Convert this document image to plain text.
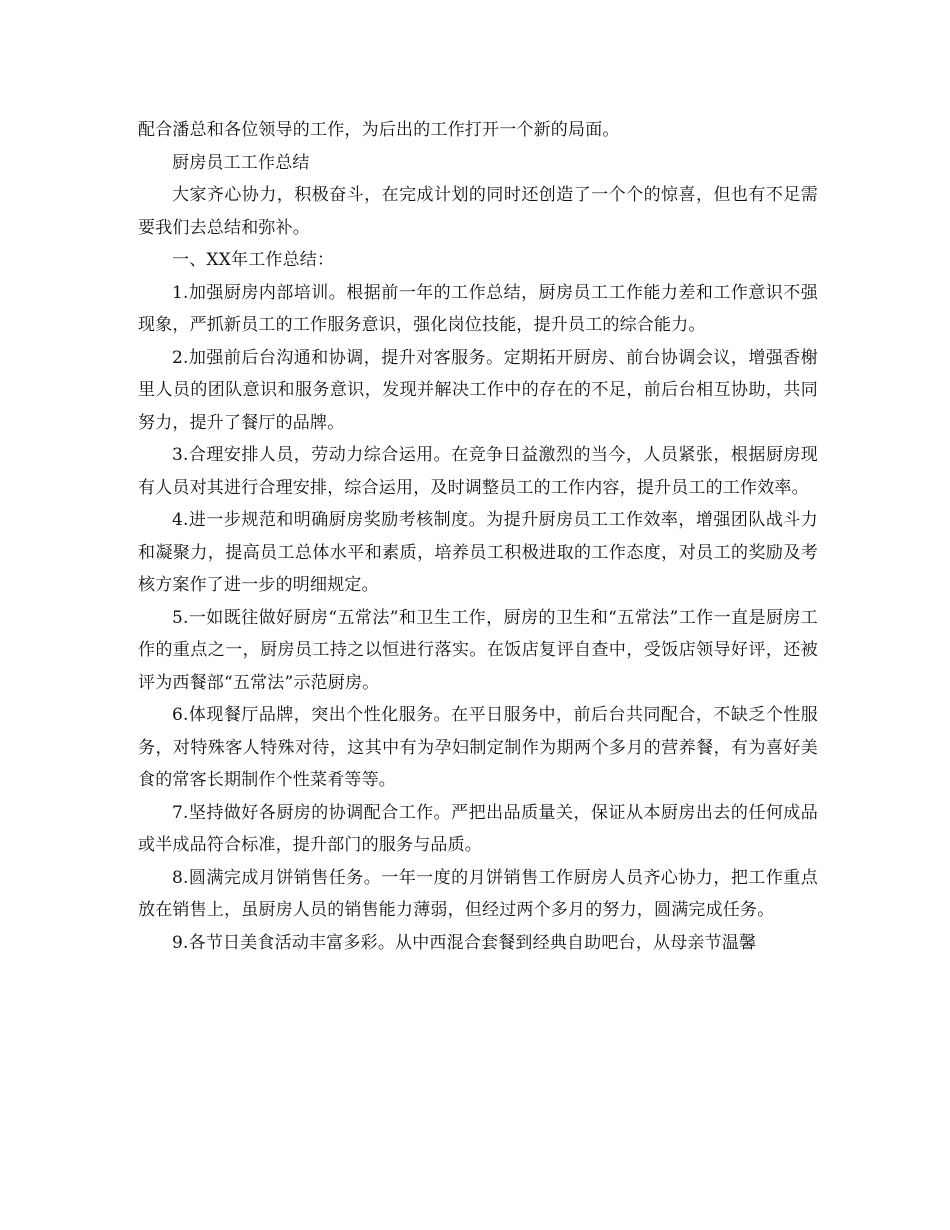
配合潘总和各位领导的工作，为后出的工作打开一个新的局面。

厨房员工工作总结

大家齐心协力，积极奋斗，在完成计划的同时还创造了一个个的惊喜，但也有不足需要我们去总结和弥补。

一、XX年工作总结：

1.加强厨房内部培训。根据前一年的工作总结，厨房员工工作能力差和工作意识不强现象，严抓新员工的工作服务意识，强化岗位技能，提升员工的综合能力。

2.加强前后台沟通和协调，提升对客服务。定期拓开厨房、前台协调会议，增强香榭里人员的团队意识和服务意识，发现并解决工作中的存在的不足，前后台相互协助，共同努力，提升了餐厅的品牌。

3.合理安排人员，劳动力综合运用。在竞争日益激烈的当今，人员紧张，根据厨房现有人员对其进行合理安排，综合运用，及时调整员工的工作内容，提升员工的工作效率。

4.进一步规范和明确厨房奖励考核制度。为提升厨房员工工作效率，增强团队战斗力和凝聚力，提高员工总体水平和素质，培养员工积极进取的工作态度，对员工的奖励及考核方案作了进一步的明细规定。

5.一如既往做好厨房“五常法”和卫生工作，厨房的卫生和“五常法”工作一直是厨房工作的重点之一，厨房员工持之以恒进行落实。在饭店复评自查中，受饭店领导好评，还被评为西餐部“五常法”示范厨房。

6.体现餐厅品牌，突出个性化服务。在平日服务中，前后台共同配合，不缺乏个性服务，对特殊客人特殊对待，这其中有为孕妇制定制作为期两个多月的营养餐，有为喜好美食的常客长期制作个性菜肴等等。

7.坚持做好各厨房的协调配合工作。严把出品质量关，保证从本厨房出去的任何成品或半成品符合标准，提升部门的服务与品质。

8.圆满完成月饼销售任务。一年一度的月饼销售工作厨房人员齐心协力，把工作重点放在销售上，虽厨房人员的销售能力薄弱，但经过两个多月的努力，圆满完成任务。

9.各节日美食活动丰富多彩。从中西混合套餐到经典自助吧台，从母亲节温馨
